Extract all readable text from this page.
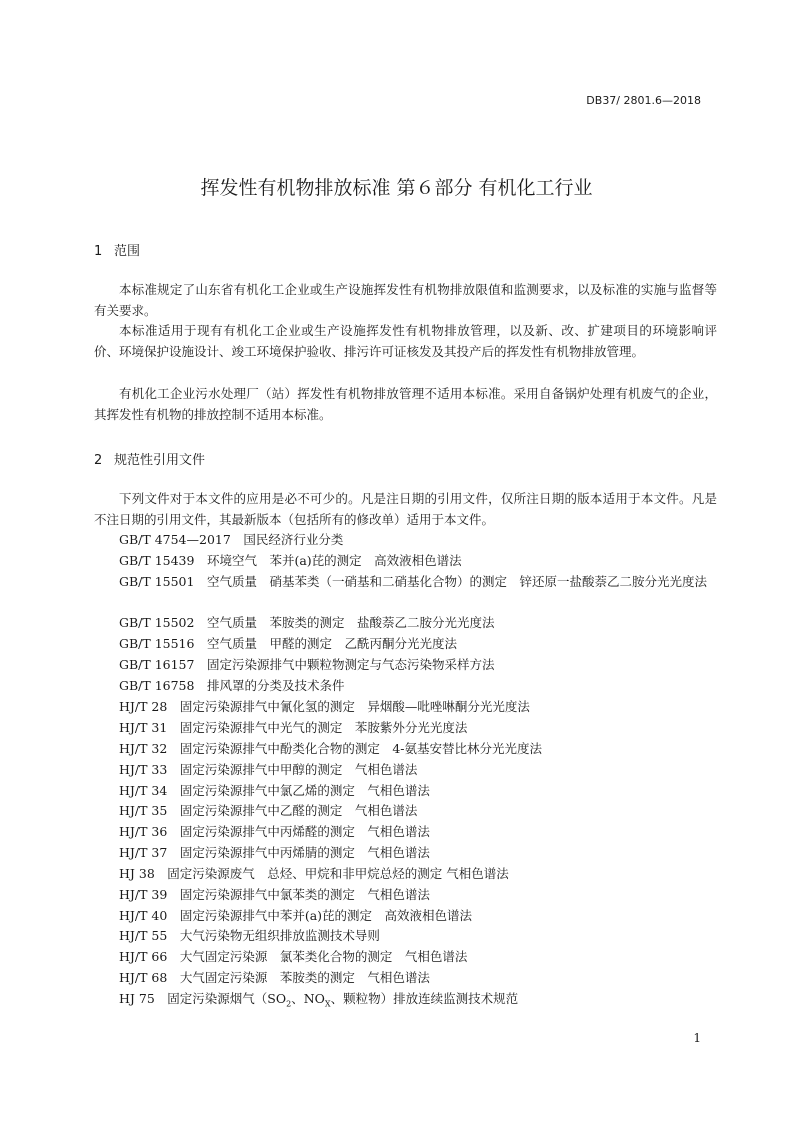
DB37/ 2801.6—2018
挥发性有机物排放标准 第６部分 有机化工行业
1 范围

本标准规定了山东省有机化工企业或生产设施挥发性有机物排放限值和监测要求，以及标准的实施与监督等有关要求。

本标准适用于现有有机化工企业或生产设施挥发性有机物排放管理，以及新、改、扩建项目的环境影响评价、环境保护设施设计、竣工环境保护验收、排污许可证核发及其投产后的挥发性有机物排放管理。

有机化工企业污水处理厂（站）挥发性有机物排放管理不适用本标准。采用自备锅炉处理有机废气的企业，其挥发性有机物的排放控制不适用本标准。

2 规范性引用文件

下列文件对于本文件的应用是必不可少的。凡是注日期的引用文件，仅所注日期的版本适用于本文件。凡是不注日期的引用文件，其最新版本（包括所有的修改单）适用于本文件。

GB/T 4754—2017　国民经济行业分类
GB/T 15439　环境空气　苯并(a)芘的测定　高效液相色谱法
GB/T 15501　空气质量　硝基苯类（一硝基和二硝基化合物）的测定　锌还原一盐酸萘乙二胺分光光度法
GB/T 15502　空气质量　苯胺类的测定　盐酸萘乙二胺分光光度法
GB/T 15516　空气质量　甲醛的测定　乙酰丙酮分光光度法
GB/T 16157　固定污染源排气中颗粒物测定与气态污染物采样方法
GB/T 16758　排风罩的分类及技术条件
HJ/T 28　固定污染源排气中氰化氢的测定　异烟酸—吡唑啉酮分光光度法
HJ/T 31　固定污染源排气中光气的测定　苯胺紫外分光光度法
HJ/T 32　固定污染源排气中酚类化合物的测定　4-氨基安替比林分光光度法
HJ/T 33　固定污染源排气中甲醇的测定　气相色谱法
HJ/T 34　固定污染源排气中氯乙烯的测定　气相色谱法
HJ/T 35　固定污染源排气中乙醛的测定　气相色谱法
HJ/T 36　固定污染源排气中丙烯醛的测定　气相色谱法
HJ/T 37　固定污染源排气中丙烯腈的测定　气相色谱法
HJ 38　固定污染源废气　总烃、甲烷和非甲烷总烃的测定 气相色谱法
HJ/T 39　固定污染源排气中氯苯类的测定　气相色谱法
HJ/T 40　固定污染源排气中苯并(a)芘的测定　高效液相色谱法
HJ/T 55　大气污染物无组织排放监测技术导则
HJ/T 66　大气固定污染源　氯苯类化合物的测定　气相色谱法
HJ/T 68　大气固定污染源　苯胺类的测定　气相色谱法
HJ 75　固定污染源烟气（$SO_2$、$NO_X$、颗粒物）排放连续监测技术规范
1
